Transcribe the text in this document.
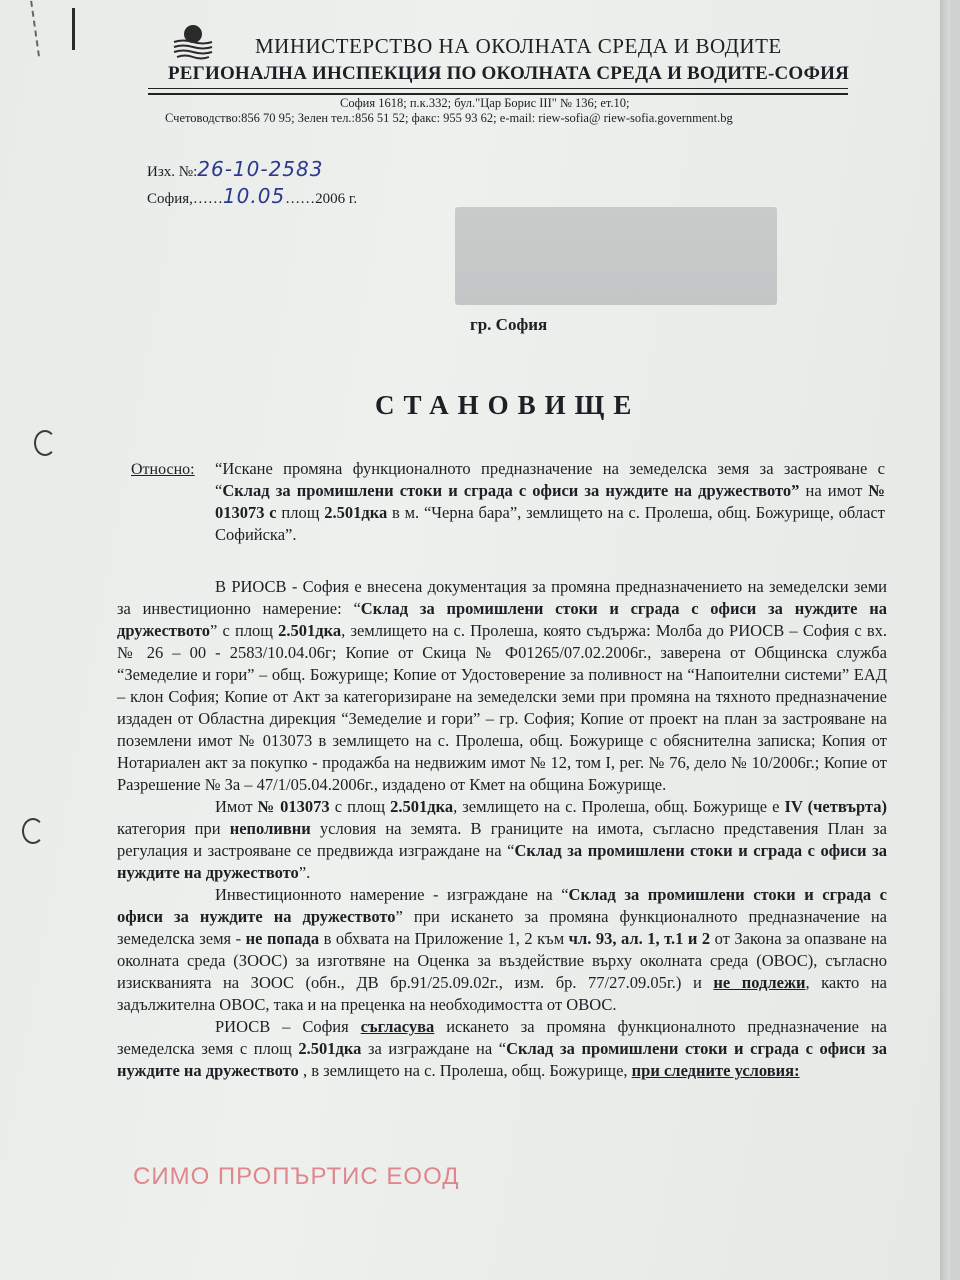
МИНИСТЕРСТВО НА ОКОЛНАТА СРЕДА И ВОДИТЕ
РЕГИОНАЛНА ИНСПЕКЦИЯ ПО ОКОЛНАТА СРЕДА И ВОДИТЕ-СОФИЯ
София 1618; п.к.332; бул."Цар Борис III" № 136; ет.10;
Счетоводство:856 70 95; Зелен тел.:856 51 52; факс: 955 93 62; e-mail: riew-sofia@ riew-sofia.government.bg
Изх. №:26-10-2583
София,……10.05……2006 г.
гр. София
СТАНОВИЩЕ
Относно: “Искане промяна функционалното предназначение на земеделска земя за застрояване с “Склад за промишлени стоки и сграда с офиси за нуждите на дружеството” на имот № 013073 с площ 2.501дка в м. “Черна бара”, землището на с. Пролеша, общ. Божурище, област Софийска”.

В РИОСВ - София е внесена документация за промяна предназначението на земеделски земи за инвестиционно намерение: “Склад за промишлени стоки и сграда с офиси за нуждите на дружеството” с площ 2.501дка, землището на с. Пролеша, която съдържа: Молба до РИОСВ – София с вх. № 26 – 00 - 2583/10.04.06г; Копие от Скица № Ф01265/07.02.2006г., заверена от Общинска служба “Земеделие и гори” – общ. Божурище; Копие от Удостоверение за поливност на “Напоителни системи” ЕАД – клон София; Копие от Акт за категоризиране на земеделски земи при промяна на тяхното предназначение издаден от Областна дирекция “Земеделие и гори” – гр. София; Копие от проект на план за застрояване на поземлени имот № 013073 в землището на с. Пролеша, общ. Божурище с обяснителна записка; Копия от Нотариален акт за покупко - продажба на недвижим имот № 12, том I, рег. № 76, дело № 10/2006г.; Копие от Разрешение № За – 47/1/05.04.2006г., издадено от Кмет на община Божурище.

Имот № 013073 с площ 2.501дка, землището на с. Пролеша, общ. Божурище е IV (четвърта) категория при неполивни условия на земята. В границите на имота, съгласно представения План за регулация и застрояване се предвижда изграждане на “Склад за промишлени стоки и сграда с офиси за нуждите на дружеството”.

Инвестиционното намерение - изграждане на “Склад за промишлени стоки и сграда с офиси за нуждите на дружеството” при искането за промяна функционалното предназначение на земеделска земя - не попада в обхвата на Приложение 1, 2 към чл. 93, ал. 1, т.1 и 2 от Закона за опазване на околната среда (ЗООС) за изготвяне на Оценка за въздействие върху околната среда (ОВОС), съгласно изискванията на ЗООС (обн., ДВ бр.91/25.09.02г., изм. бр. 77/27.09.05г.) и не подлежи, както на задължителна ОВОС, така и на преценка на необходимостта от ОВОС.

РИОСВ – София съгласува искането за промяна функционалното предназначение на земеделска земя с площ 2.501дка за изграждане на “Склад за промишлени стоки и сграда с офиси за нуждите на дружеството , в землището на с. Пролеша, общ. Божурище, при следните условия:

СИМО ПРОПЪРТИС ЕООД
